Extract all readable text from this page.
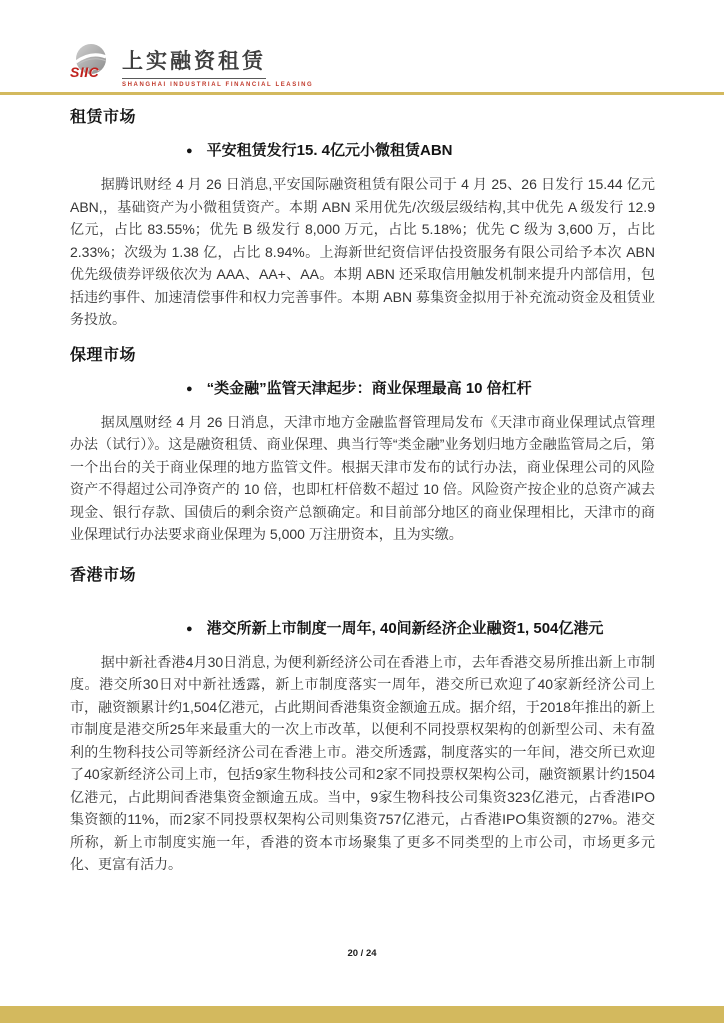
SIIC 上实融资租赁
SHANGHAI INDUSTRIAL FINANCIAL LEASING
租赁市场
● 平安租赁发行15. 4亿元小微租赁ABN

据腾讯财经 4 月 26 日消息,平安国际融资租赁有限公司于 4 月 25、26 日发行 15.44 亿元 ABN,，基础资产为小微租赁资产。本期 ABN 采用优先/次级层级结构,其中优先 A 级发行 12.9 亿元，占比 83.55%；优先 B 级发行 8,000 万元，占比 5.18%；优先 C 级为 3,600 万，占比 2.33%；次级为 1.38 亿，占比 8.94%。上海新世纪资信评估投资服务有限公司给予本次 ABN 优先级债券评级依次为 AAA、AA+、AA。本期 ABN 还采取信用触发机制来提升内部信用，包括违约事件、加速清偿事件和权力完善事件。本期 ABN 募集资金拟用于补充流动资金及租赁业务投放。

保理市场
● “类金融”监管天津起步：商业保理最高 10 倍杠杆

据凤凰财经 4 月 26 日消息，天津市地方金融监督管理局发布《天津市商业保理试点管理办法（试行）》。这是融资租赁、商业保理、典当行等“类金融”业务划归地方金融监管局之后，第一个出台的关于商业保理的地方监管文件。根据天津市发布的试行办法，商业保理公司的风险资产不得超过公司净资产的 10 倍，也即杠杆倍数不超过 10 倍。风险资产按企业的总资产减去现金、银行存款、国债后的剩余资产总额确定。和目前部分地区的商业保理相比，天津市的商业保理试行办法要求商业保理为 5,000 万注册资本，且为实缴。

香港市场
● 港交所新上市制度一周年, 40间新经济企业融资1, 504亿港元

据中新社香港4月30日消息, 为便利新经济公司在香港上市，去年香港交易所推出新上市制度。港交所30日对中新社透露，新上市制度落实一周年，港交所已欢迎了40家新经济公司上市，融资额累计约1,504亿港元，占此期间香港集资金额逾五成。据介绍，于2018年推出的新上市制度是港交所25年来最重大的一次上市改革，以便利不同投票权架构的创新型公司、未有盈利的生物科技公司等新经济公司在香港上市。港交所透露，制度落实的一年间，港交所已欢迎了40家新经济公司上市，包括9家生物科技公司和2家不同投票权架构公司，融资额累计约1504亿港元，占此期间香港集资金额逾五成。当中，9家生物科技公司集资323亿港元，占香港IPO集资额的11%，而2家不同投票权架构公司则集资757亿港元，占香港IPO集资额的27%。港交所称，新上市制度实施一年，香港的资本市场聚集了更多不同类型的上市公司，市场更多元化、更富有活力。

20 / 24
